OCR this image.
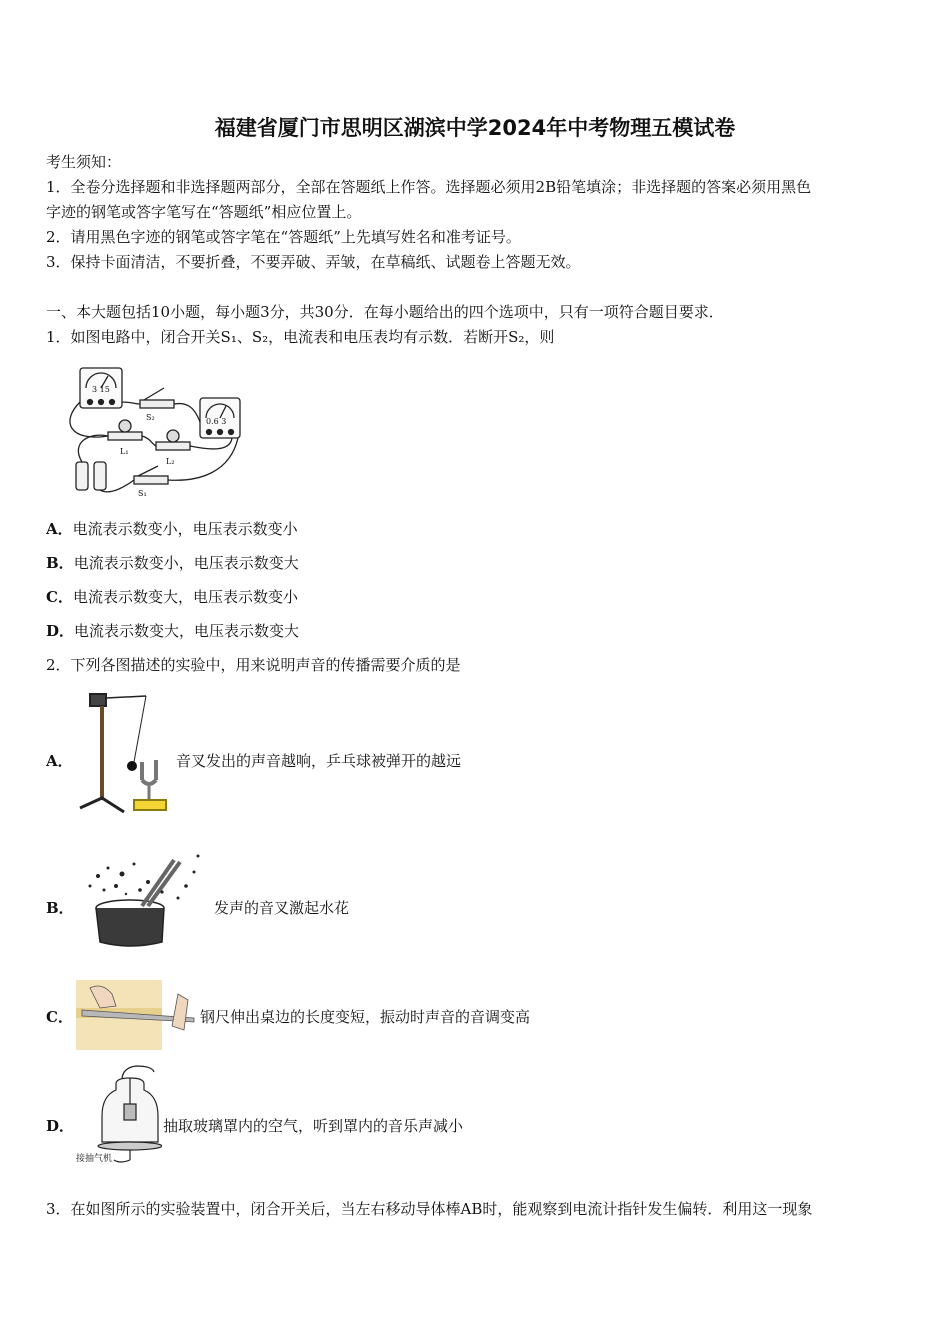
福建省厦门市思明区湖滨中学2024年中考物理五模试卷
考生须知：
1．全卷分选择题和非选择题两部分，全部在答题纸上作答。选择题必须用2B铅笔填涂；非选择题的答案必须用黑色
字迹的钢笔或答字笔写在“答题纸”相应位置上。
2．请用黑色字迹的钢笔或答字笔在“答题纸”上先填写姓名和准考证号。
3．保持卡面清洁，不要折叠，不要弄破、弄皱，在草稿纸、试题卷上答题无效。
一、本大题包括10小题，每小题3分，共30分．在每小题给出的四个选项中，只有一项符合题目要求．
1．如图电路中，闭合开关S₁、S₂，电流表和电压表均有示数．若断开S₂，则
3 15
0.6 3
S₂
L₁
L₂
S₁
A．电流表示数变小，电压表示数变小
B．电流表示数变小，电压表示数变大
C．电流表示数变大，电压表示数变小
D．电流表示数变大，电压表示数变大
2．下列各图描述的实验中，用来说明声音的传播需要介质的是
A．	音叉发出的声音越响，乒乓球被弹开的越远
B．	发声的音叉激起水花
C．	钢尺伸出桌边的长度变短，振动时声音的音调变高
D．
接抽气机
抽取玻璃罩内的空气，听到罩内的音乐声减小
3．在如图所示的实验装置中，闭合开关后，当左右移动导体棒AB时，能观察到电流计指针发生偏转．利用这一现象
